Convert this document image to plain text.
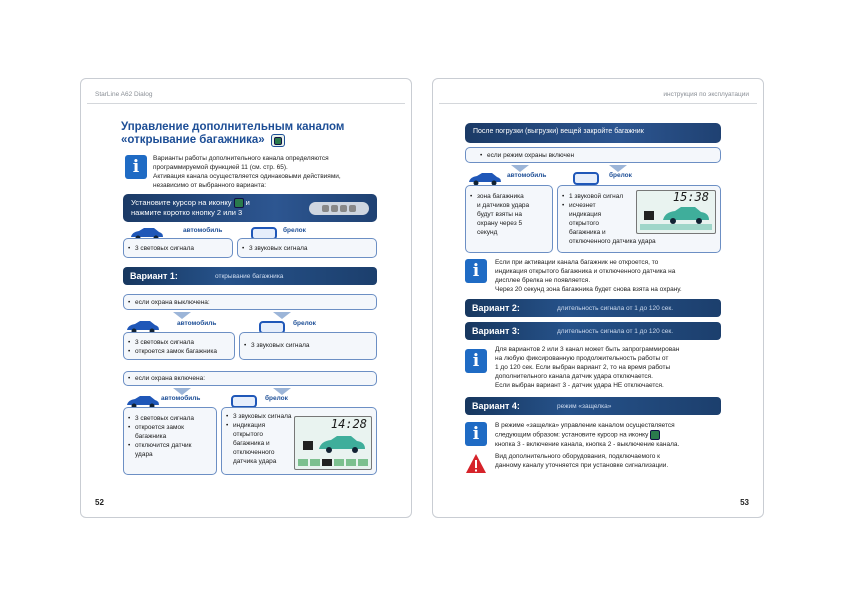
StarLine A62 Dialog
Управление дополнительным каналом
«открывание багажника»
i	Варианты работы дополнительного канала определяются
программируемой функцией 11 (см. стр. 65).
Активация канала осуществляется одинаковыми действиями,
независимо от выбранного варианта:
Установите курсор на иконку и
нажмите коротко кнопку 2 или 3
автомобиль	брелок
• 3 световых сигнала
•	3 звуковых сигнала
Вариант 1:	открывание багажника
• если охрана выключена:
автомобиль	брелок
• 3 световых сигнала
• откроется замок багажника
• 3 звуковых сигнала
• если охрана включена:
автомобиль	брелок
• 3 световых сигнала
• откроется замок
багажника
• отключится датчик
удара
• 3 звуковых сигнала
• индикация
открытого
багажника и
отключенного
датчика удара
14:28
52
инструкция по эксплуатации
После погрузки (выгрузки) вещей закройте багажник
• если режим охраны включен
автомобиль	брелок
• зона багажника
и датчиков удара
будут взяты на
охрану через 5
секунд
• 1 звуковой сигнал
• исчезнет
индикация
открытого
багажника и
отключенного датчика удара
15:38
i	Если при активации канала багажник не откроется, то
индикация открытого багажника и отключенного датчика на
дисплее брелка не появляется.
Через 20 секунд зона багажника будет снова взята на охрану.
Вариант 2:	длительность сигнала от 1 до 120 сек.
Вариант 3:	длительность сигнала от 1 до 120 сек.
i
Для вариантов 2 или 3 канал может быть запрограммирован
на любую фиксированную продолжительность работы от
1 до 120 сек. Если выбран вариант 2, то на время работы
дополнительного канала датчик удара отключается.
Если выбран вариант 3 - датчик удара НЕ отключается.
Вариант 4:	режим «защелка»
i	В режиме «защелка» управление каналом осуществляется
следующим образом: установите курсор на иконку
кнопка 3 - включение канала, кнопка 2 - выключение канала.
Вид дополнительного оборудования, подключаемого к
данному каналу уточняется при установке сигнализации.
53
